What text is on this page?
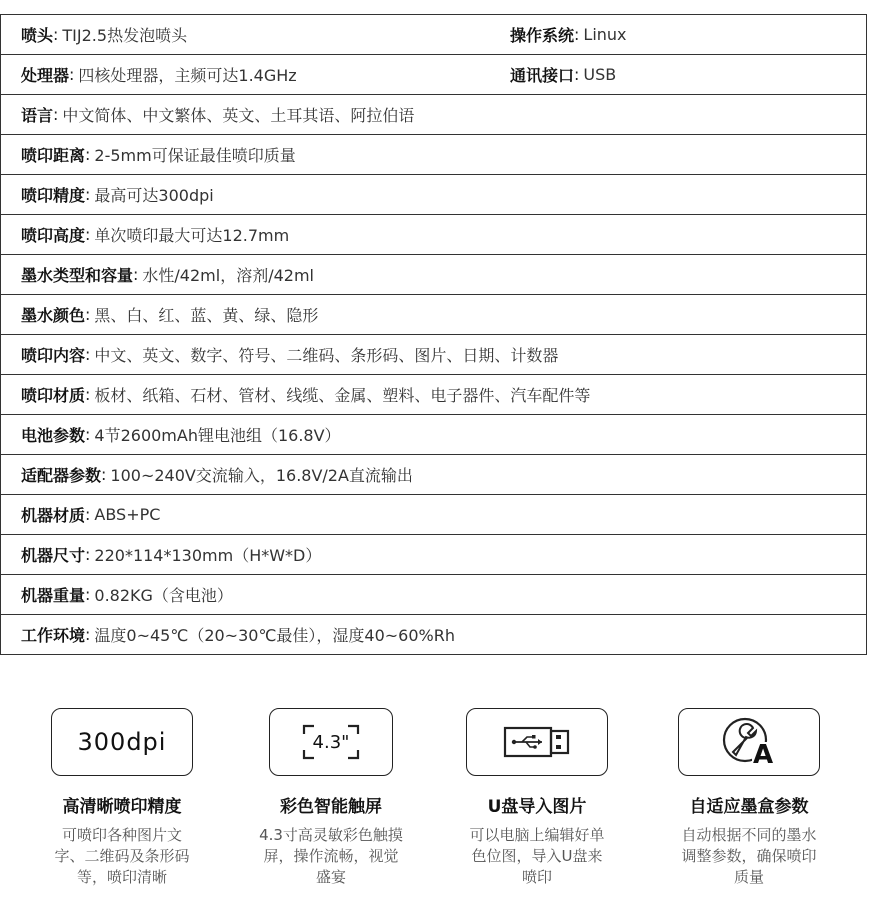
喷头 : TIJ2.5热发泡喷头	操作系统 : Linux
处理器 : 四核处理器，主频可达1.4GHz	通讯接口 : USB
语言 : 中文简体、中文繁体、英文、土耳其语、阿拉伯语
喷印距离 : 2-5mm可保证最佳喷印质量
喷印精度 : 最高可达300dpi
喷印高度 : 单次喷印最大可达12.7mm
墨水类型和容量 : 水性/42ml，溶剂/42ml
墨水颜色 : 黑、白、红、蓝、黄、绿、隐形
喷印内容 : 中文、英文、数字、符号、二维码、条形码、图片、日期、计数器
喷印材质 : 板材、纸箱、石材、管材、线缆、金属、塑料、电子器件、汽车配件等
电池参数 : 4节2600mAh锂电池组（16.8V）
适配器参数 : 100~240V交流输入，16.8V/2A直流输出
机器材质 : ABS+PC
机器尺寸 : 220*114*130mm（H*W*D）
机器重量 : 0.82KG（含电池）
工作环境 : 温度0~45℃（20~30℃最佳），湿度40~60%Rh
300dpi
高清晰喷印精度
可喷印各种图片文字、二维码及条形码等，喷印清晰
4.3"
彩色智能触屏
4.3寸高灵敏彩色触摸屏，操作流畅，视觉盛宴
U盘导入图片
可以电脑上编辑好单色位图，导入U盘来喷印
A
自适应墨盒参数
自动根据不同的墨水调整参数，确保喷印质量
